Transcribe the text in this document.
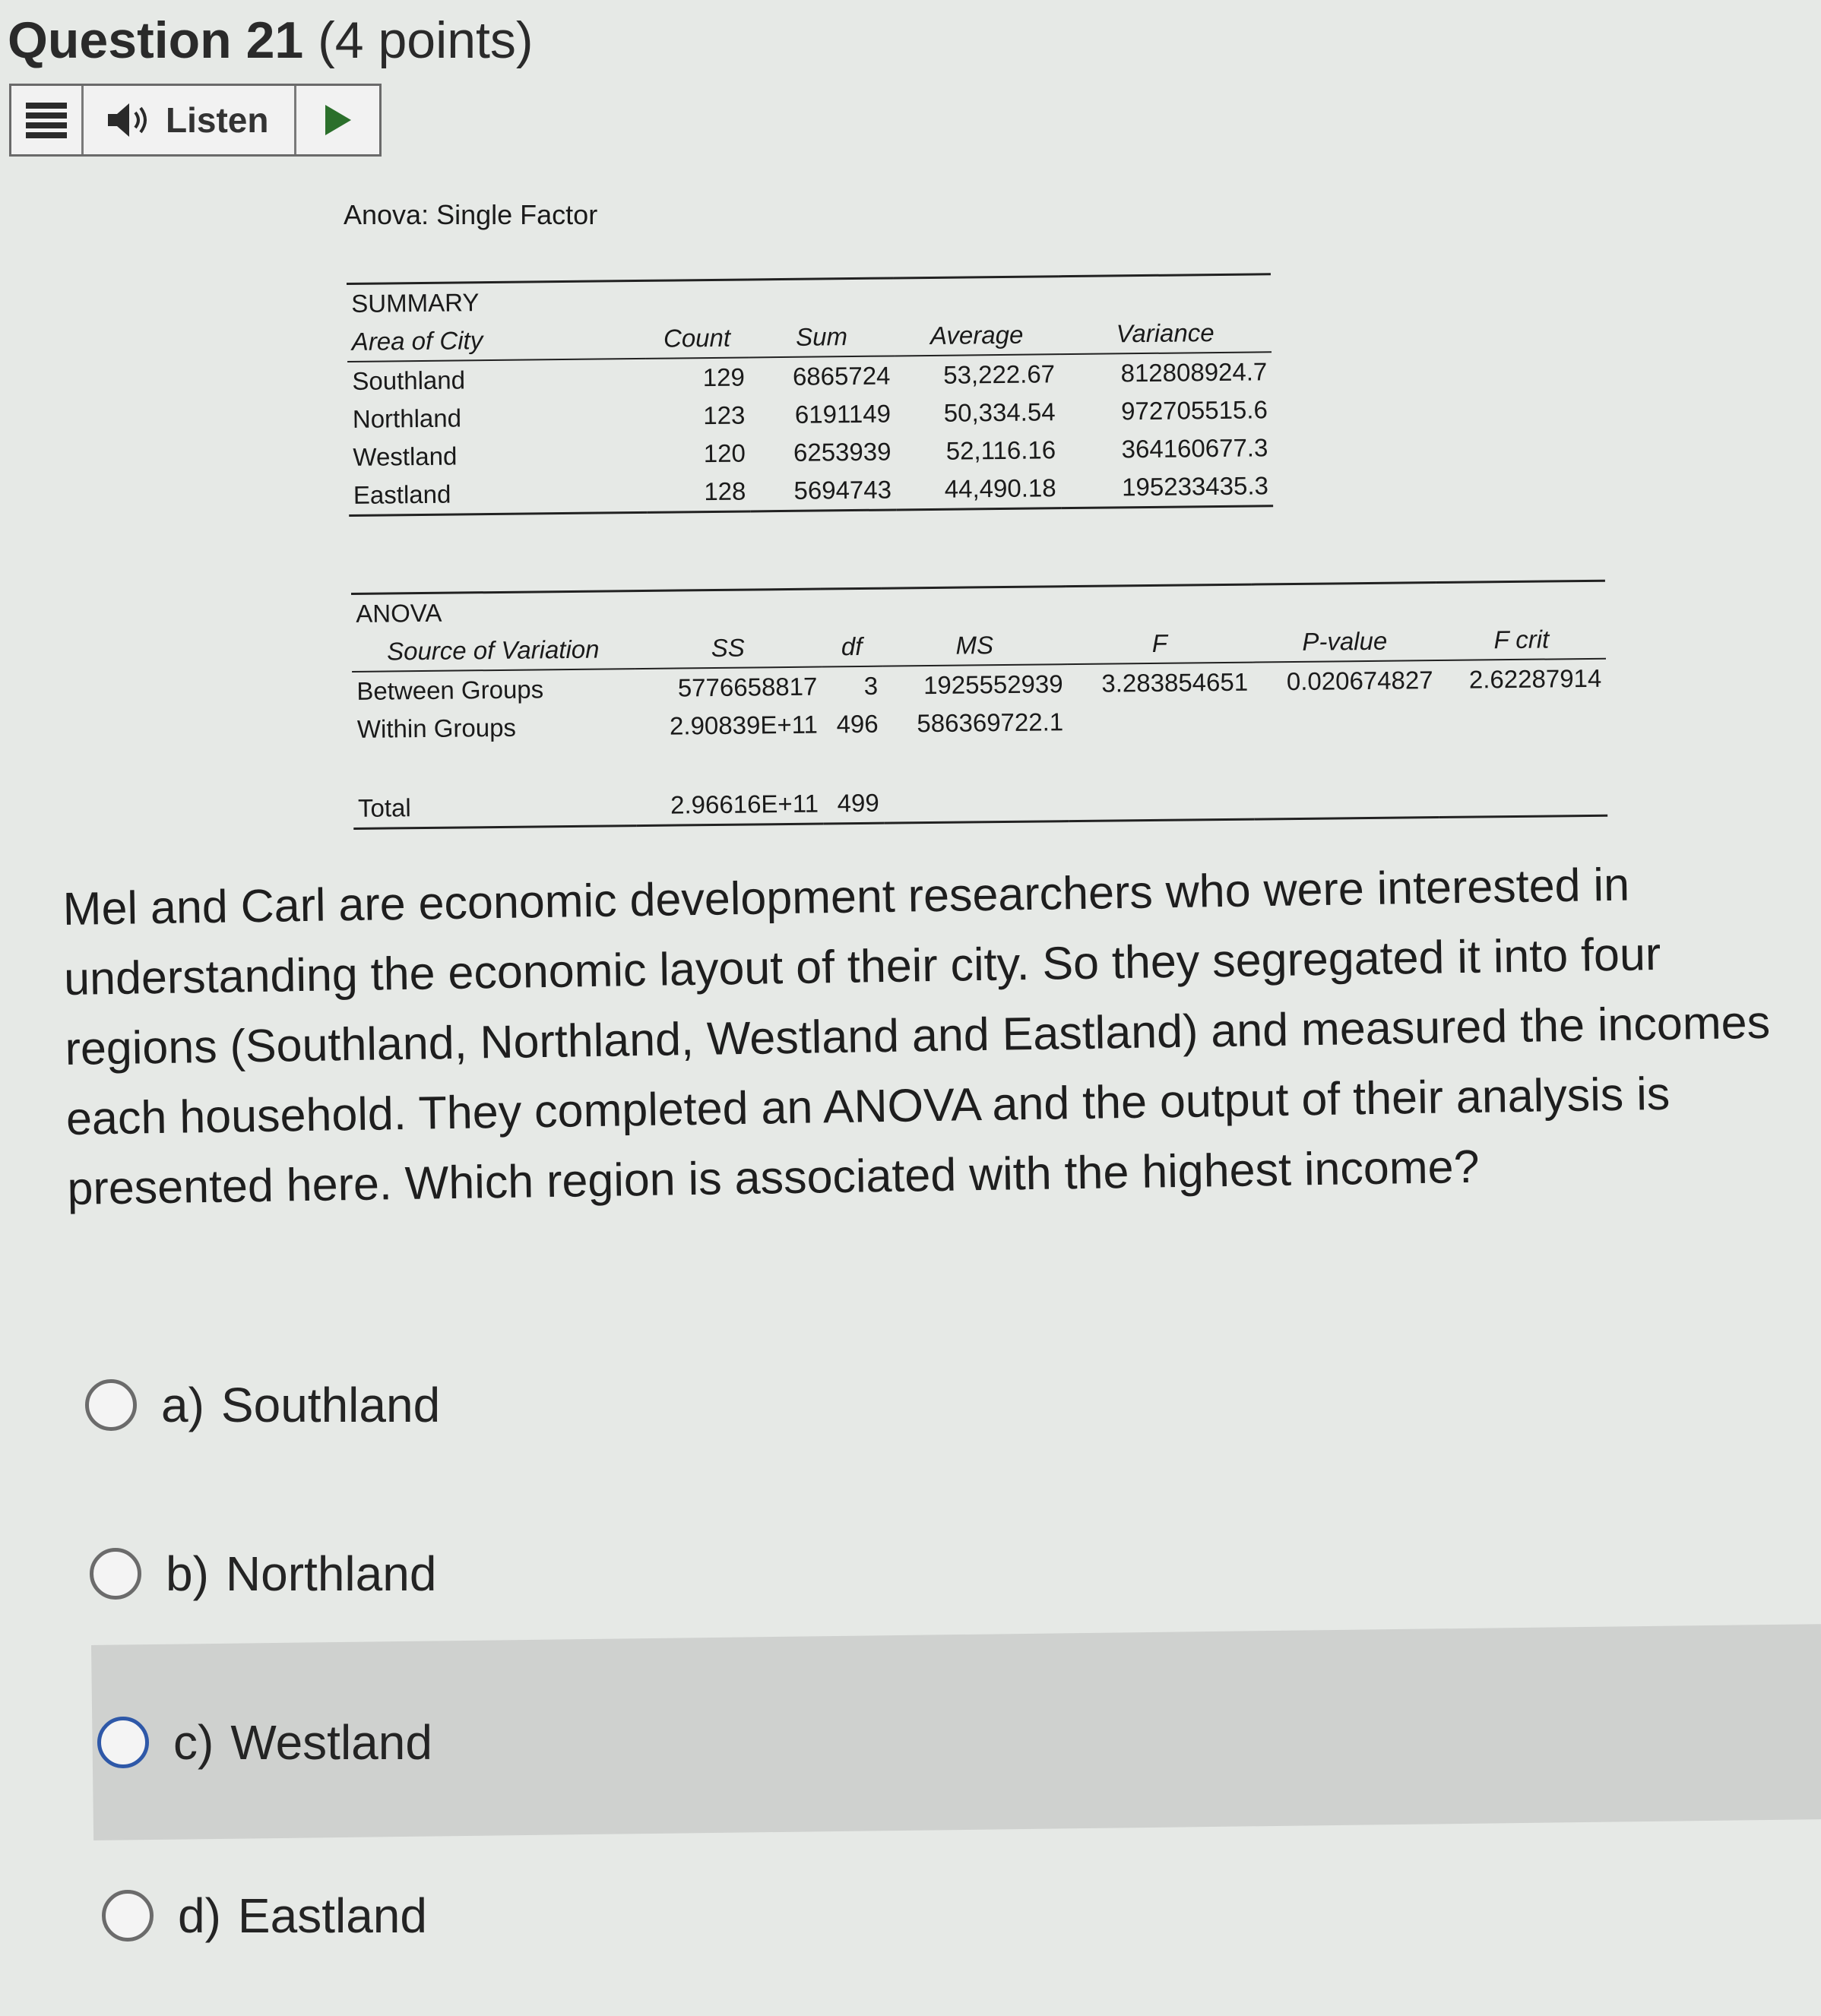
Question 21 (4 points)
Listen
Anova: Single Factor
SUMMARY				
Area of City	Count	Sum	Average	Variance
Southland	129	6865724	53,222.67	812808924.7
Northland	123	6191149	50,334.54	972705515.6
Westland	120	6253939	52,116.16	364160677.3
Eastland	128	5694743	44,490.18	195233435.3
ANOVA						
Source of Variation	SS	df	MS	F	P-value	F crit
Between Groups	5776658817	3	1925552939	3.283854651	0.020674827	2.62287914
Within Groups	2.90839E+11	496	586369722.1			

Total	2.96616E+11	499				
Mel and Carl are economic development researchers who were interested in understanding the economic layout of their city. So they segregated it into four regions (Southland, Northland, Westland and Eastland) and measured the incomes each household. They completed an ANOVA and the output of their analysis is presented here. Which region is associated with the highest income?
a) Southland
b) Northland
c) Westland
d) Eastland
